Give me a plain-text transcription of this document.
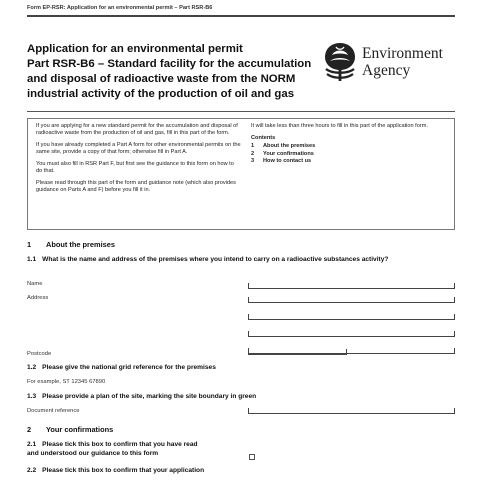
Form EP-RSR: Application for an environmental permit – Part RSR-B6
Application for an environmental permit
Part RSR-B6 – Standard facility for the accumulation
and disposal of radioactive waste from the NORM
industrial activity of the production of oil and gas
Environment
Agency

If you are applying for a new standard permit for the accumulation and disposal of radioactive waste from the production of oil and gas, fill in this part of the form.

If you have already completed a Part A form for other environmental permits on the same site, provide a copy of that form; otherwise fill in Part A.

You must also fill in RSR Part F, but first see the guidance to this form on how to do that.

Please read through this part of the form and guidance note (which also provides guidance on Parts A and F) before you fill it in.

It will take less than three hours to fill in this part of the application form.

Contents
1	About the premises
2	Your confirmations
3	How to contact us
1 About the premises
1.1 What is the name and address of the premises where you intend to carry on a radioactive substances activity?
Name
Address
Postcode
1.2 Please give the national grid reference for the premises
For example, ST 12345 67890
1.3 Please provide a plan of the site, marking the site boundary in green
Document reference
2 Your confirmations
2.1 Please tick this box to confirm that you have read
and understood our guidance to this form
2.2 Please tick this box to confirm that your application
